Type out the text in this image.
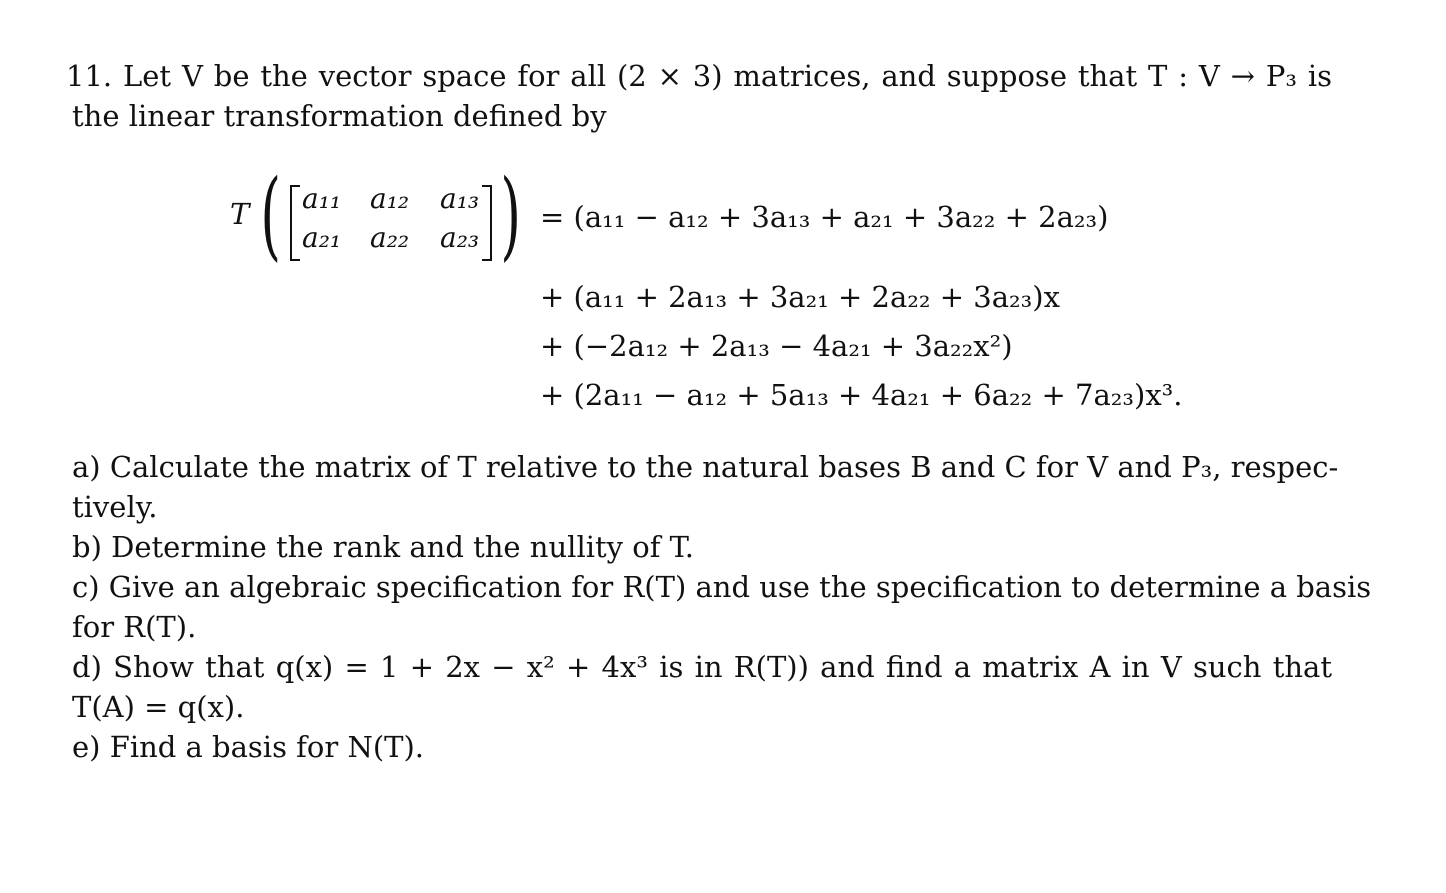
11. Let V be the vector space for all (2 × 3) matrices, and suppose that T : V → P₃ is
the linear transformation defined by
T ( a₁₁ a₁₂ a₁₃
a₂₁ a₂₂ a₂₃ ) = (a₁₁ − a₁₂ + 3a₁₃ + a₂₁ + 3a₂₂ + 2a₂₃)
+ (a₁₁ + 2a₁₃ + 3a₂₁ + 2a₂₂ + 3a₂₃)x
+ (−2a₁₂ + 2a₁₃ − 4a₂₁ + 3a₂₂x²)
+ (2a₁₁ − a₁₂ + 5a₁₃ + 4a₂₁ + 6a₂₂ + 7a₂₃)x³.
a) Calculate the matrix of T relative to the natural bases B and C for V and P₃, respec-
tively.
b) Determine the rank and the nullity of T.
c) Give an algebraic specification for R(T) and use the specification to determine a basis
for R(T).
d) Show that q(x) = 1 + 2x − x² + 4x³ is in R(T)) and find a matrix A in V such that
T(A) = q(x).
e) Find a basis for N(T).
